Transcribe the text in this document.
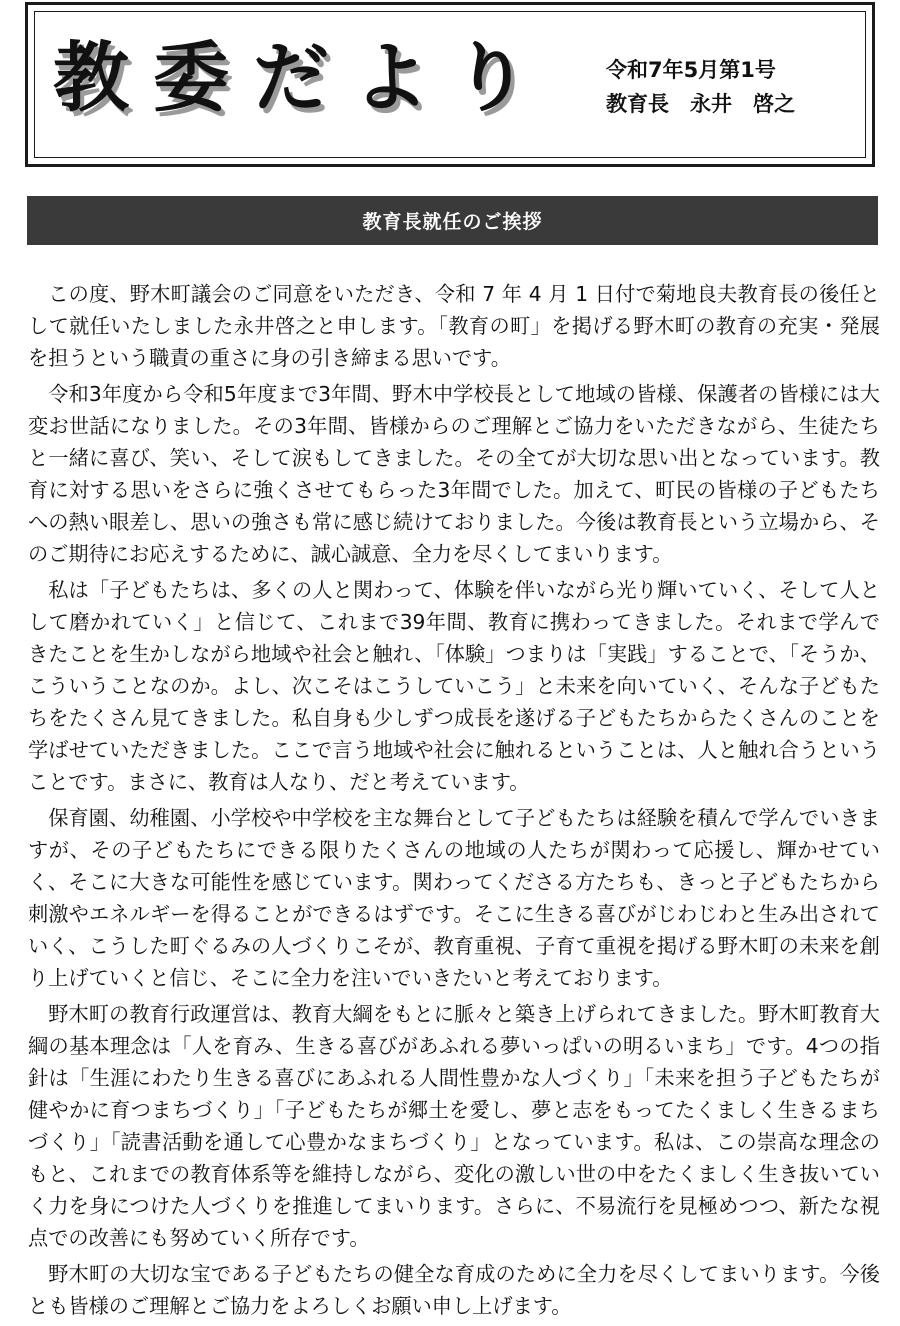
教委だより	令和7年5月第1号
教育長　永井　啓之
教育長就任のご挨拶

この度、野木町議会のご同意をいただき、令和 7 年 4 月 1 日付で菊地良夫教育長の後任として就任いたしました永井啓之と申します。「教育の町」を掲げる野木町の教育の充実・発展を担うという職責の重さに身の引き締まる思いです。

令和3年度から令和5年度まで3年間、野木中学校長として地域の皆様、保護者の皆様には大変お世話になりました。その3年間、皆様からのご理解とご協力をいただきながら、生徒たちと一緒に喜び、笑い、そして涙もしてきました。その全てが大切な思い出となっています。教育に対する思いをさらに強くさせてもらった3年間でした。加えて、町民の皆様の子どもたちへの熱い眼差し、思いの強さも常に感じ続けておりました。今後は教育長という立場から、そのご期待にお応えするために、誠心誠意、全力を尽くしてまいります。

私は「子どもたちは、多くの人と関わって、体験を伴いながら光り輝いていく、そして人として磨かれていく」と信じて、これまで39年間、教育に携わってきました。それまで学んできたことを生かしながら地域や社会と触れ、「体験」つまりは「実践」することで、「そうか、こういうことなのか。よし、次こそはこうしていこう」と未来を向いていく、そんな子どもたちをたくさん見てきました。私自身も少しずつ成長を遂げる子どもたちからたくさんのことを学ばせていただきました。ここで言う地域や社会に触れるということは、人と触れ合うということです。まさに、教育は人なり、だと考えています。

保育園、幼稚園、小学校や中学校を主な舞台として子どもたちは経験を積んで学んでいきますが、その子どもたちにできる限りたくさんの地域の人たちが関わって応援し、輝かせていく、そこに大きな可能性を感じています。関わってくださる方たちも、きっと子どもたちから刺激やエネルギーを得ることができるはずです。そこに生きる喜びがじわじわと生み出されていく、こうした町ぐるみの人づくりこそが、教育重視、子育て重視を掲げる野木町の未来を創り上げていくと信じ、そこに全力を注いでいきたいと考えております。

野木町の教育行政運営は、教育大綱をもとに脈々と築き上げられてきました。野木町教育大綱の基本理念は「人を育み、生きる喜びがあふれる夢いっぱいの明るいまち」です。4つの指針は「生涯にわたり生きる喜びにあふれる人間性豊かな人づくり」「未来を担う子どもたちが健やかに育つまちづくり」「子どもたちが郷土を愛し、夢と志をもってたくましく生きるまちづくり」「読書活動を通して心豊かなまちづくり」となっています。私は、この崇高な理念のもと、これまでの教育体系等を維持しながら、変化の激しい世の中をたくましく生き抜いていく力を身につけた人づくりを推進してまいります。さらに、不易流行を見極めつつ、新たな視点での改善にも努めていく所存です。

野木町の大切な宝である子どもたちの健全な育成のために全力を尽くしてまいります。今後とも皆様のご理解とご協力をよろしくお願い申し上げます。
